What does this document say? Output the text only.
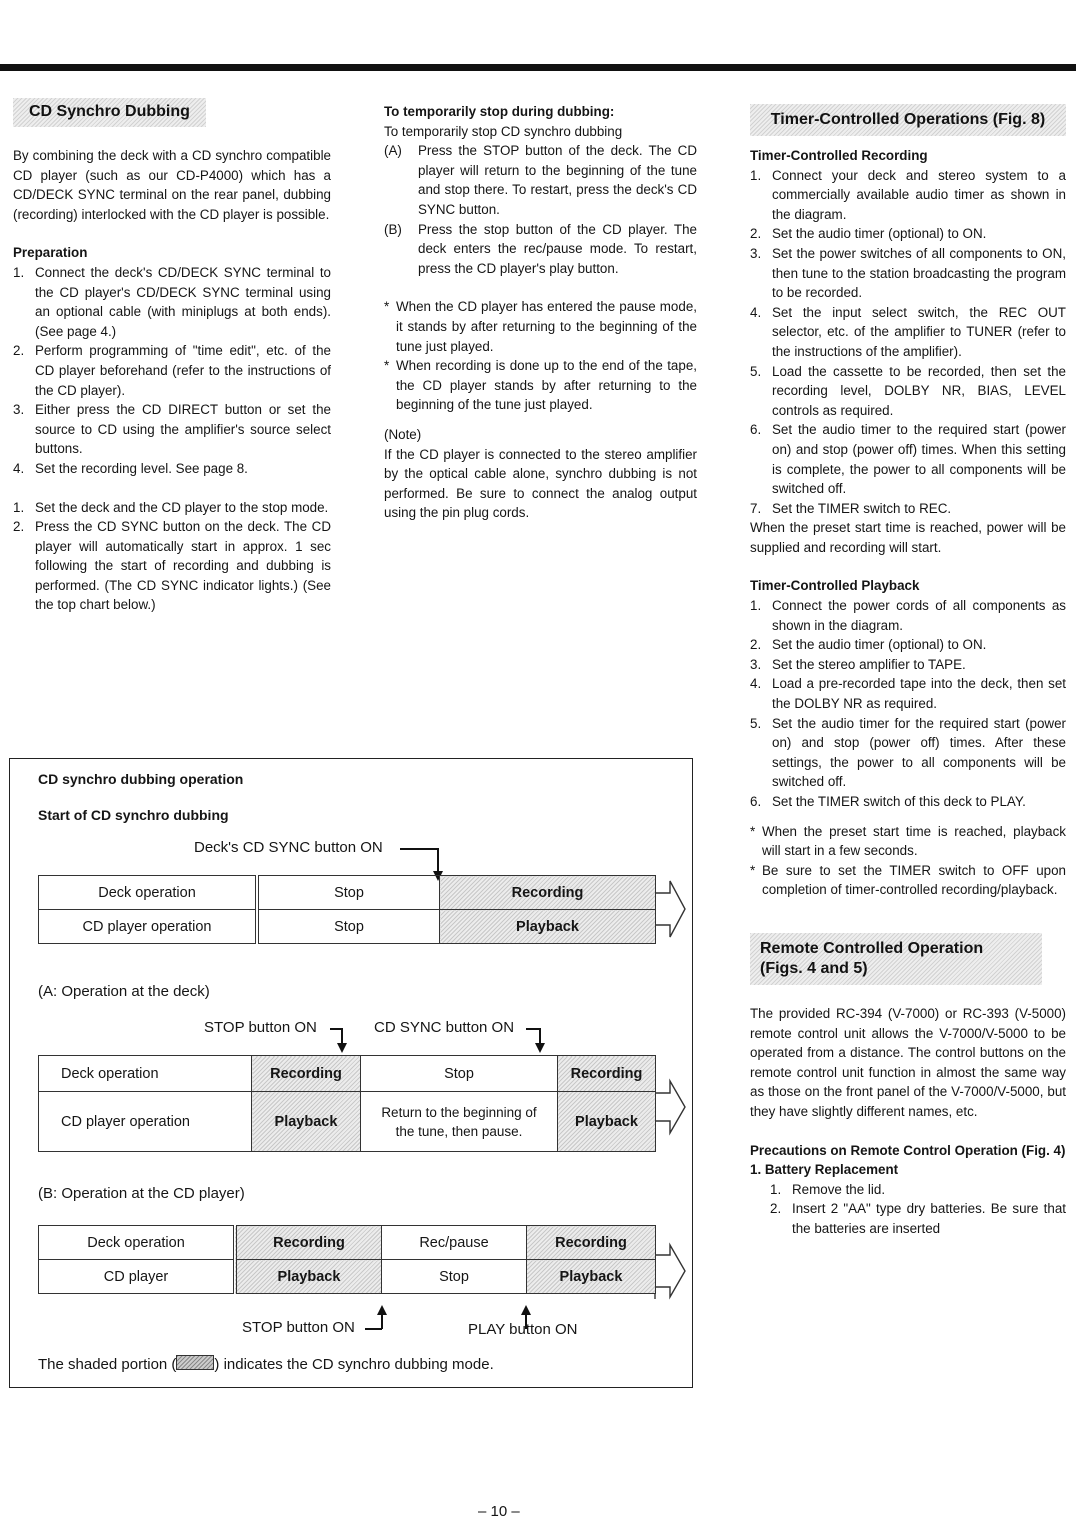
CD Synchro Dubbing

By combining the deck with a CD synchro compatible CD player (such as our CD-P4000) which has a CD/DECK SYNC terminal on the rear panel, dubbing (recording) interlocked with the CD player is possible.

Preparation

1. Connect the deck's CD/DECK SYNC terminal to the CD player's CD/DECK SYNC terminal using an optional cable (with miniplugs at both ends). (See page 4.)
2. Perform programming of "time edit", etc. of the CD player beforehand (refer to the instructions of the CD player).
3. Either press the CD DIRECT button or set the source to CD using the amplifier's source select buttons.
4. Set the recording level. See page 8.
1. Set the deck and the CD player to the stop mode.
2. Press the CD SYNC button on the deck. The CD player will automatically start in approx. 1 sec following the start of recording and dubbing is performed. (The CD SYNC indicator lights.) (See the top chart below.)

To temporarily stop during dubbing:

To temporarily stop CD synchro dubbing

(A) Press the STOP button of the deck. The CD player will return to the beginning of the tune and stop there. To restart, press the deck's CD SYNC button.
(B) Press the stop button of the CD player. The deck enters the rec/pause mode. To restart, press the CD player's play button.
* When the CD player has entered the pause mode, it stands by after returning to the beginning of the tune just played.
* When recording is done up to the end of the tape, the CD player stands by after returning to the beginning of the tune just played.

(Note)

If the CD player is connected to the stereo amplifier by the optical cable alone, synchro dubbing is not performed. Be sure to connect the analog output using the pin plug cords.

Timer-Controlled Operations (Fig. 8)

Timer-Controlled Recording

1. Connect your deck and stereo system to a commercially available audio timer as shown in the diagram.
2. Set the audio timer (optional) to ON.
3. Set the power switches of all components to ON, then tune to the station broadcasting the program to be recorded.
4. Set the input select switch, the REC OUT selector, etc. of the amplifier to TUNER (refer to the instructions of the amplifier).
5. Load the cassette to be recorded, then set the recording level, DOLBY NR, BIAS, LEVEL controls as required.
6. Set the audio timer to the required start (power on) and stop (power off) times. When this setting is complete, the power to all components will be switched off.
7. Set the TIMER switch to REC.

When the preset start time is reached, power will be supplied and recording will start.

Timer-Controlled Playback

1. Connect the power cords of all components as shown in the diagram.
2. Set the audio timer (optional) to ON.
3. Set the stereo amplifier to TAPE.
4. Load a pre-recorded tape into the deck, then set the DOLBY NR as required.
5. Set the audio timer for the required start (power on) and stop (power off) times. After these settings, the power to all components will be switched off.
6. Set the TIMER switch of this deck to PLAY.
* When the preset start time is reached, playback will start in a few seconds.
* Be sure to set the TIMER switch to OFF upon completion of timer-controlled recording/playback.
Remote Controlled Operation
(Figs. 4 and 5)

The provided RC-394 (V-7000) or RC-393 (V-5000) remote control unit allows the V-7000/V-5000 to be operated from a distance. The control buttons on the remote control unit function in almost the same way as those on the front panel of the V-7000/V-5000, but they have slightly different names, etc.

Precautions on Remote Control Operation (Fig. 4)

1. Battery Replacement

1. Remove the lid.
2. Insert 2 "AA" type dry batteries. Be sure that the batteries are inserted
CD synchro dubbing operation
Start of CD synchro dubbing
Deck's CD SYNC button ON
Deck operation	Stop	Recording
CD player operation	Stop	Playback
(A: Operation at the deck)
STOP button ON	CD SYNC button ON
Deck operation	Recording	Stop	Recording
CD player operation	Playback	Return to the beginning of the tune, then pause.	Playback
(B: Operation at the CD player)
Deck operation	Recording	Rec/pause	Recording
CD player	Playback	Stop	Playback
STOP button ON	PLAY button ON
The shaded portion (	) indicates the CD synchro dubbing mode.
– 10 –
